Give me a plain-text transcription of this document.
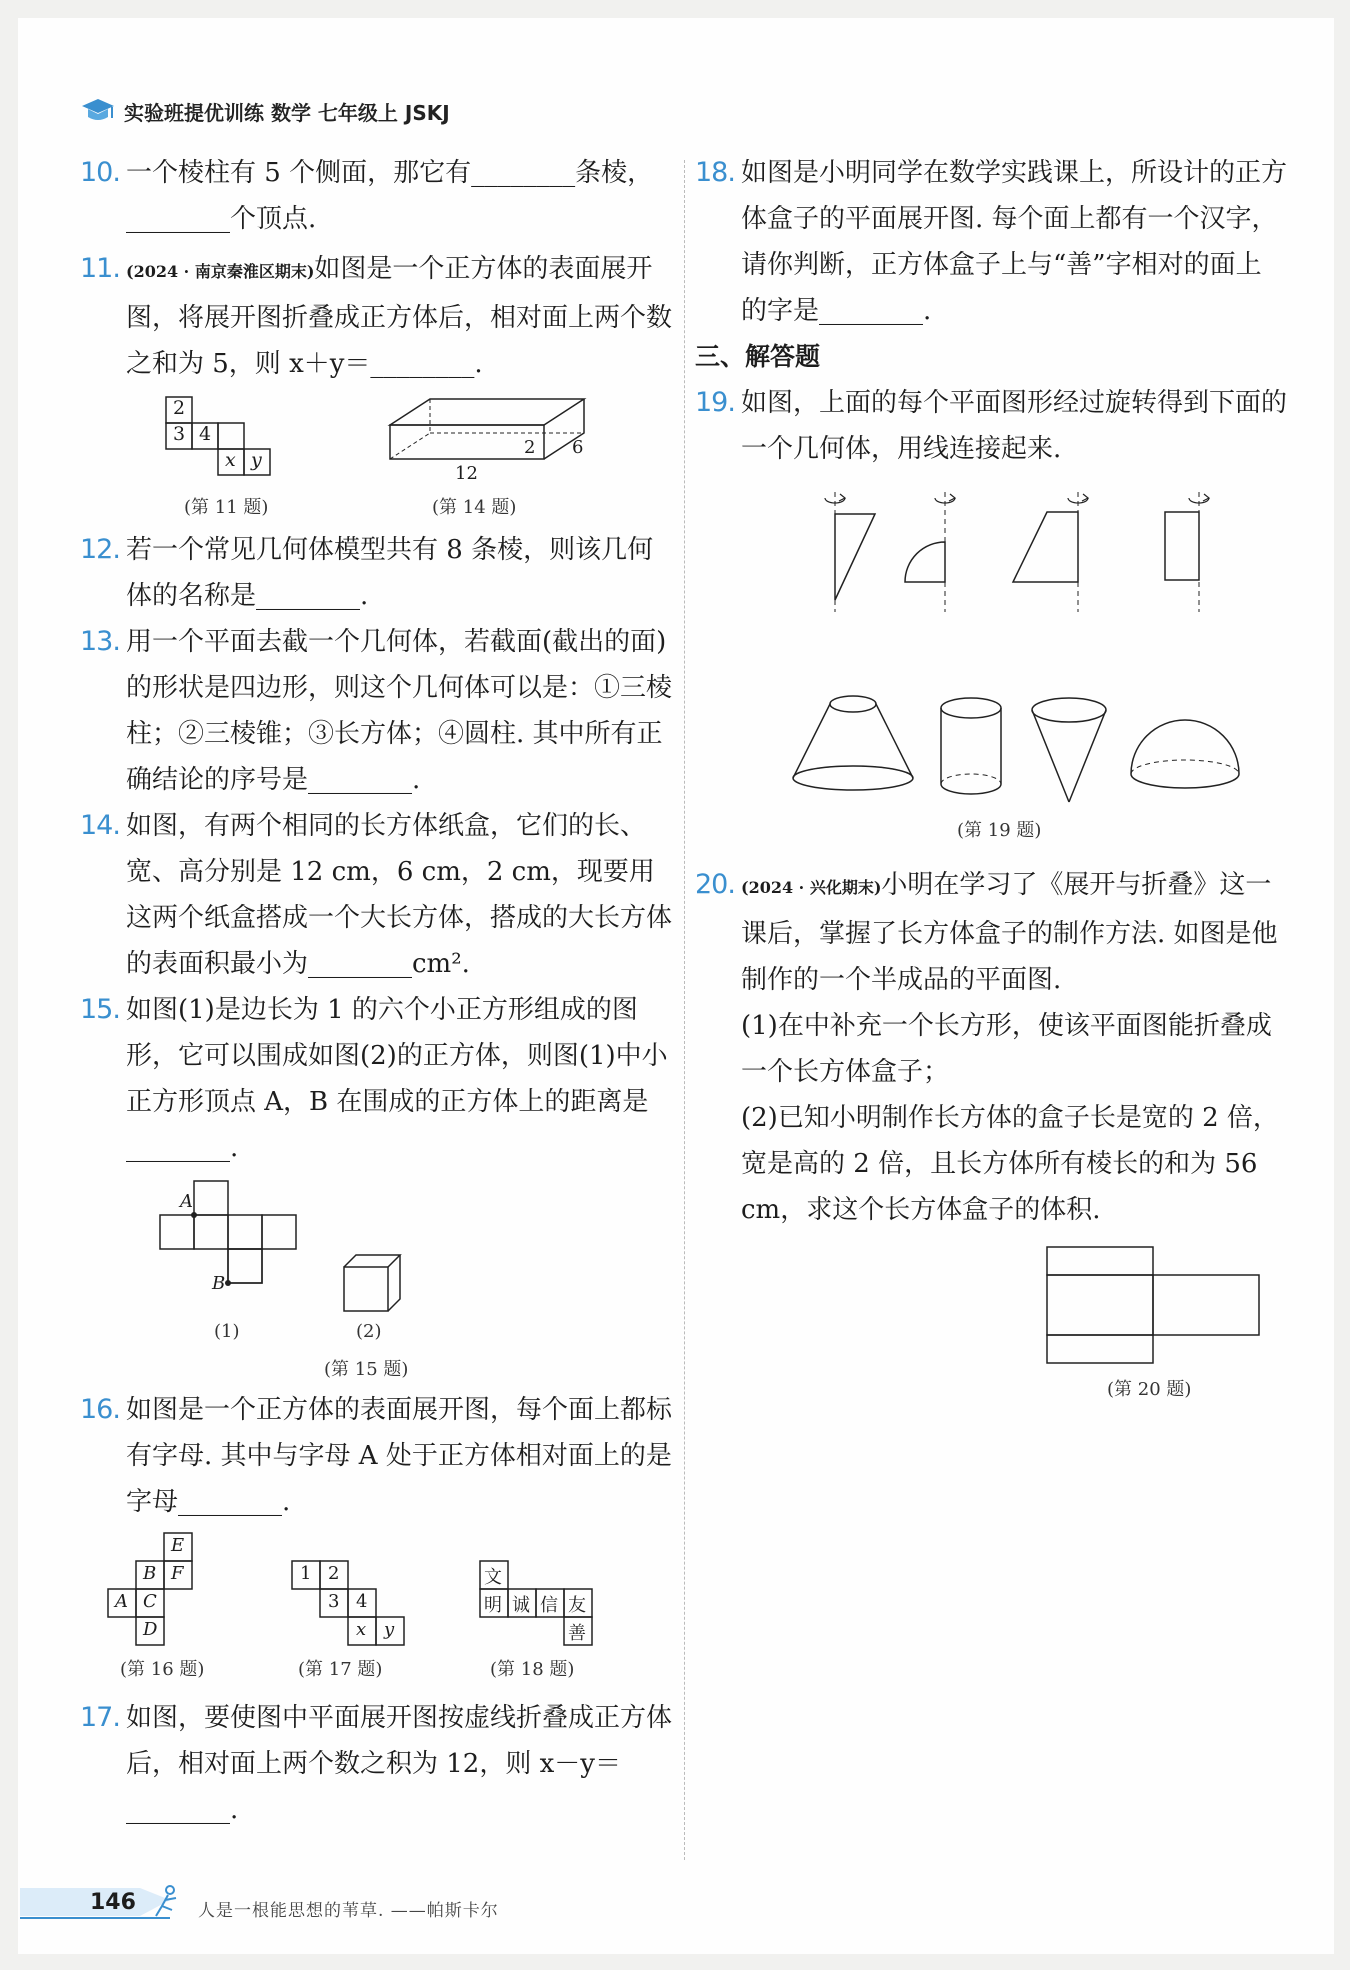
实验班提优训练 数学 七年级上 JSKJ
10. 一个棱柱有 5 个侧面，那它有________条棱，________个顶点.
11. (2024 · 南京秦淮区期末)如图是一个正方体的表面展开图，将展开图折叠成正方体后，相对面上两个数之和为 5，则 x＋y＝________.
2
3 4
x y
12
2 6
(第 11 题)	(第 14 题)
12. 若一个常见几何体模型共有 8 条棱，则该几何体的名称是________.
13. 用一个平面去截一个几何体，若截面(截出的面)的形状是四边形，则这个几何体可以是：①三棱柱；②三棱锥；③长方体；④圆柱. 其中所有正确结论的序号是________.
14. 如图，有两个相同的长方体纸盒，它们的长、宽、高分别是 12 cm，6 cm，2 cm，现要用这两个纸盒搭成一个大长方体，搭成的大长方体的表面积最小为________cm².
15. 如图(1)是边长为 1 的六个小正方形组成的图形，它可以围成如图(2)的正方体，则图(1)中小正方形顶点 A，B 在围成的正方体上的距离是________.
A
B
(1)	(2)
(第 15 题)
16. 如图是一个正方体的表面展开图，每个面上都标有字母. 其中与字母 A 处于正方体相对面上的是字母________.
E
B F
A C
D
1 2
3 4
x y
文
明 诚 信 友
善
(第 16 题)	(第 17 题)	(第 18 题)
17. 如图，要使图中平面展开图按虚线折叠成正方体后，相对面上两个数之积为 12，则 x－y＝________.
18. 如图是小明同学在数学实践课上，所设计的正方体盒子的平面展开图. 每个面上都有一个汉字，请你判断，正方体盒子上与“善”字相对的面上的字是________.
三、解答题
19. 如图，上面的每个平面图形经过旋转得到下面的一个几何体，用线连接起来.
(第 19 题)
20. (2024 · 兴化期末)小明在学习了《展开与折叠》这一课后，掌握了长方体盒子的制作方法. 如图是他制作的一个半成品的平面图.
(1)在中补充一个长方形，使该平面图能折叠成一个长方体盒子；
(2)已知小明制作长方体的盒子长是宽的 2 倍，宽是高的 2 倍，且长方体所有棱长的和为 56 cm，求这个长方体盒子的体积.
(第 20 题)
146	人是一根能思想的苇草. ——帕斯卡尔
